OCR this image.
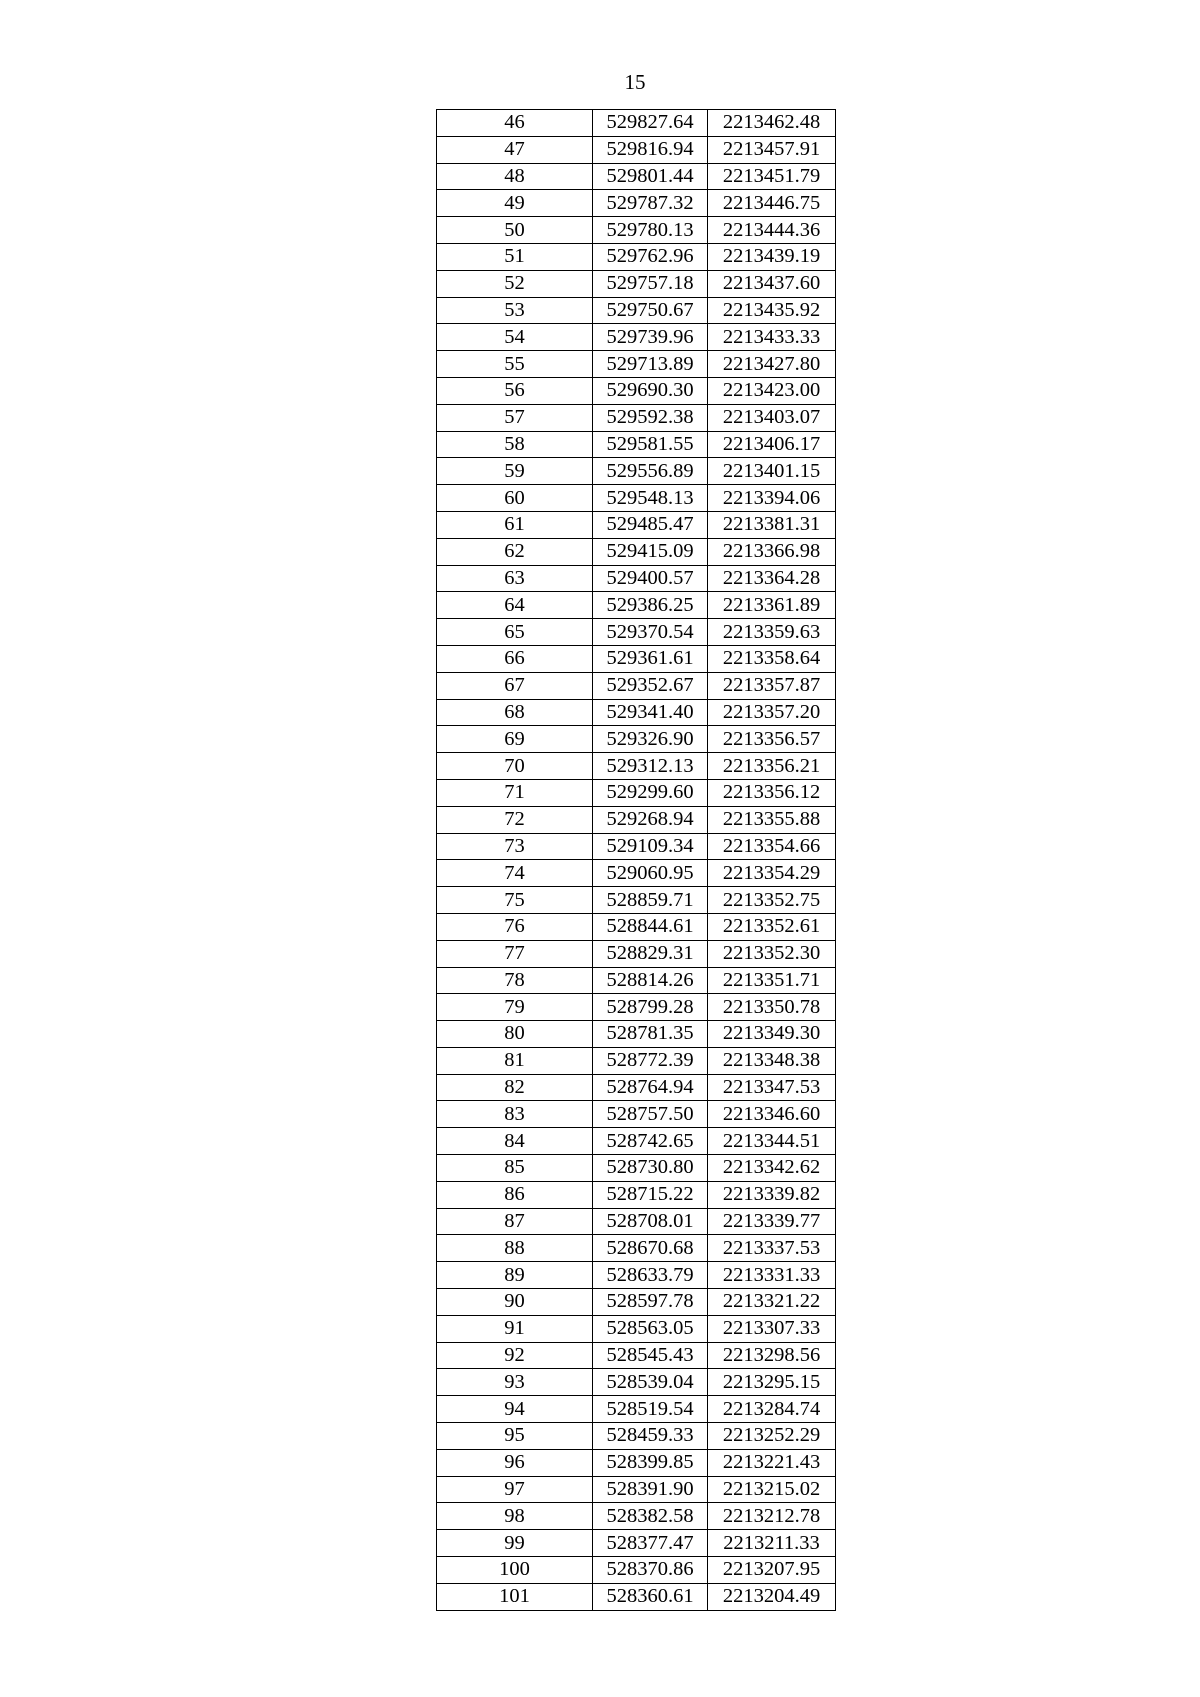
15
46	529827.64	2213462.48
47	529816.94	2213457.91
48	529801.44	2213451.79
49	529787.32	2213446.75
50	529780.13	2213444.36
51	529762.96	2213439.19
52	529757.18	2213437.60
53	529750.67	2213435.92
54	529739.96	2213433.33
55	529713.89	2213427.80
56	529690.30	2213423.00
57	529592.38	2213403.07
58	529581.55	2213406.17
59	529556.89	2213401.15
60	529548.13	2213394.06
61	529485.47	2213381.31
62	529415.09	2213366.98
63	529400.57	2213364.28
64	529386.25	2213361.89
65	529370.54	2213359.63
66	529361.61	2213358.64
67	529352.67	2213357.87
68	529341.40	2213357.20
69	529326.90	2213356.57
70	529312.13	2213356.21
71	529299.60	2213356.12
72	529268.94	2213355.88
73	529109.34	2213354.66
74	529060.95	2213354.29
75	528859.71	2213352.75
76	528844.61	2213352.61
77	528829.31	2213352.30
78	528814.26	2213351.71
79	528799.28	2213350.78
80	528781.35	2213349.30
81	528772.39	2213348.38
82	528764.94	2213347.53
83	528757.50	2213346.60
84	528742.65	2213344.51
85	528730.80	2213342.62
86	528715.22	2213339.82
87	528708.01	2213339.77
88	528670.68	2213337.53
89	528633.79	2213331.33
90	528597.78	2213321.22
91	528563.05	2213307.33
92	528545.43	2213298.56
93	528539.04	2213295.15
94	528519.54	2213284.74
95	528459.33	2213252.29
96	528399.85	2213221.43
97	528391.90	2213215.02
98	528382.58	2213212.78
99	528377.47	2213211.33
100	528370.86	2213207.95
101	528360.61	2213204.49
